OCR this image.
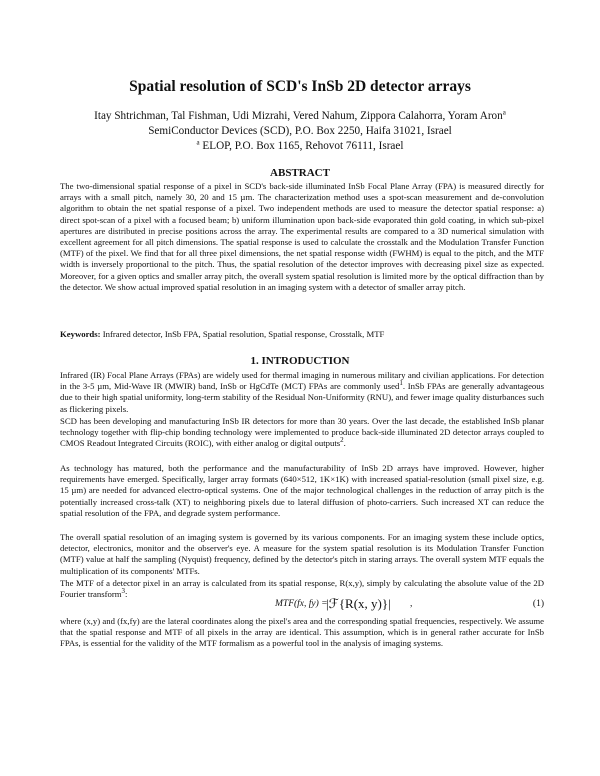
Spatial resolution of SCD's InSb 2D detector arrays
Itay Shtrichman, Tal Fishman, Udi Mizrahi, Vered Nahum, Zippora Calahorra, Yoram Aron$^a$
SemiConductor Devices (SCD), P.O. Box 2250, Haifa 31021, Israel
$^a$ ELOP, P.O. Box 1165, Rehovot 76111, Israel
ABSTRACT
The two-dimensional spatial response of a pixel in SCD's back-side illuminated InSb Focal Plane Array (FPA) is measured directly for arrays with a small pitch, namely 30, 20 and 15 µm. The characterization method uses a spot-scan measurement and de-convolution algorithm to obtain the net spatial response of a pixel. Two independent methods are used to measure the detector spatial response: a) direct spot-scan of a pixel with a focused beam; b) uniform illumination upon back-side evaporated thin gold coating, in which sub-pixel apertures are distributed in precise positions across the array. The experimental results are compared to a 3D numerical simulation with excellent agreement for all pitch dimensions. The spatial response is used to calculate the crosstalk and the Modulation Transfer Function (MTF) of the pixel. We find that for all three pixel dimensions, the net spatial response width (FWHM) is equal to the pitch, and the MTF width is inversely proportional to the pitch. Thus, the spatial resolution of the detector improves with decreasing pixel size as expected. Moreover, for a given optics and smaller array pitch, the overall system spatial resolution is limited more by the optical diffraction than by the detector. We show actual improved spatial resolution in an imaging system with a detector of smaller array pitch.
Keywords: Infrared detector, InSb FPA, Spatial resolution, Spatial response, Crosstalk, MTF
1. INTRODUCTION
Infrared (IR) Focal Plane Arrays (FPAs) are widely used for thermal imaging in numerous military and civilian applications. For detection in the 3-5 µm, Mid-Wave IR (MWIR) band, InSb or HgCdTe (MCT) FPAs are commonly used$^1$. InSb FPAs are generally advantageous due to their high spatial uniformity, long-term stability of the Residual Non-Uniformity (RNU), and fewer image quality disturbances such as flickering pixels.
SCD has been developing and manufacturing InSb IR detectors for more than 30 years. Over the last decade, the established InSb planar technology together with flip-chip bonding technology were implemented to produce back-side illuminated 2D detector arrays coupled to CMOS Readout Integrated Circuits (ROIC), with either analog or digital outputs$^2$.
As technology has matured, both the performance and the manufacturability of InSb 2D arrays have improved. However, higher requirements have emerged. Specifically, larger array formats (640×512, 1K×1K) with increased spatial-resolution (small pixel size, e.g. 15 µm) are needed for advanced electro-optical systems. One of the major technological challenges in the reduction of array pitch is the potentially increased cross-talk (XT) to neighboring pixels due to lateral diffusion of photo-carriers. Such increased XT can reduce the spatial resolution of the FPA, and degrade system performance.
The overall spatial resolution of an imaging system is governed by its various components. For an imaging system these include optics, detector, electronics, monitor and the observer's eye. A measure for the system spatial resolution is its Modulation Transfer Function (MTF) value at half the sampling (Nyquist) frequency, defined by the detector's pitch in staring arrays. The overall system MTF equals the multiplication of its components' MTFs.
The MTF of a detector pixel in an array is calculated from its spatial response, R(x,y), simply by calculating the absolute value of the 2D Fourier transform$^3$:
MTF(fx, fy) =
|ℱ{R(x, y)}| ,	(1)
where (x,y) and (fx,fy) are the lateral coordinates along the pixel's area and the corresponding spatial frequencies, respectively. We assume that the spatial response and MTF of all pixels in the array are identical. This assumption, which is in general rather accurate for InSb FPAs, is essential for the validity of the MTF formalism as a powerful tool in the analysis of imaging systems.
